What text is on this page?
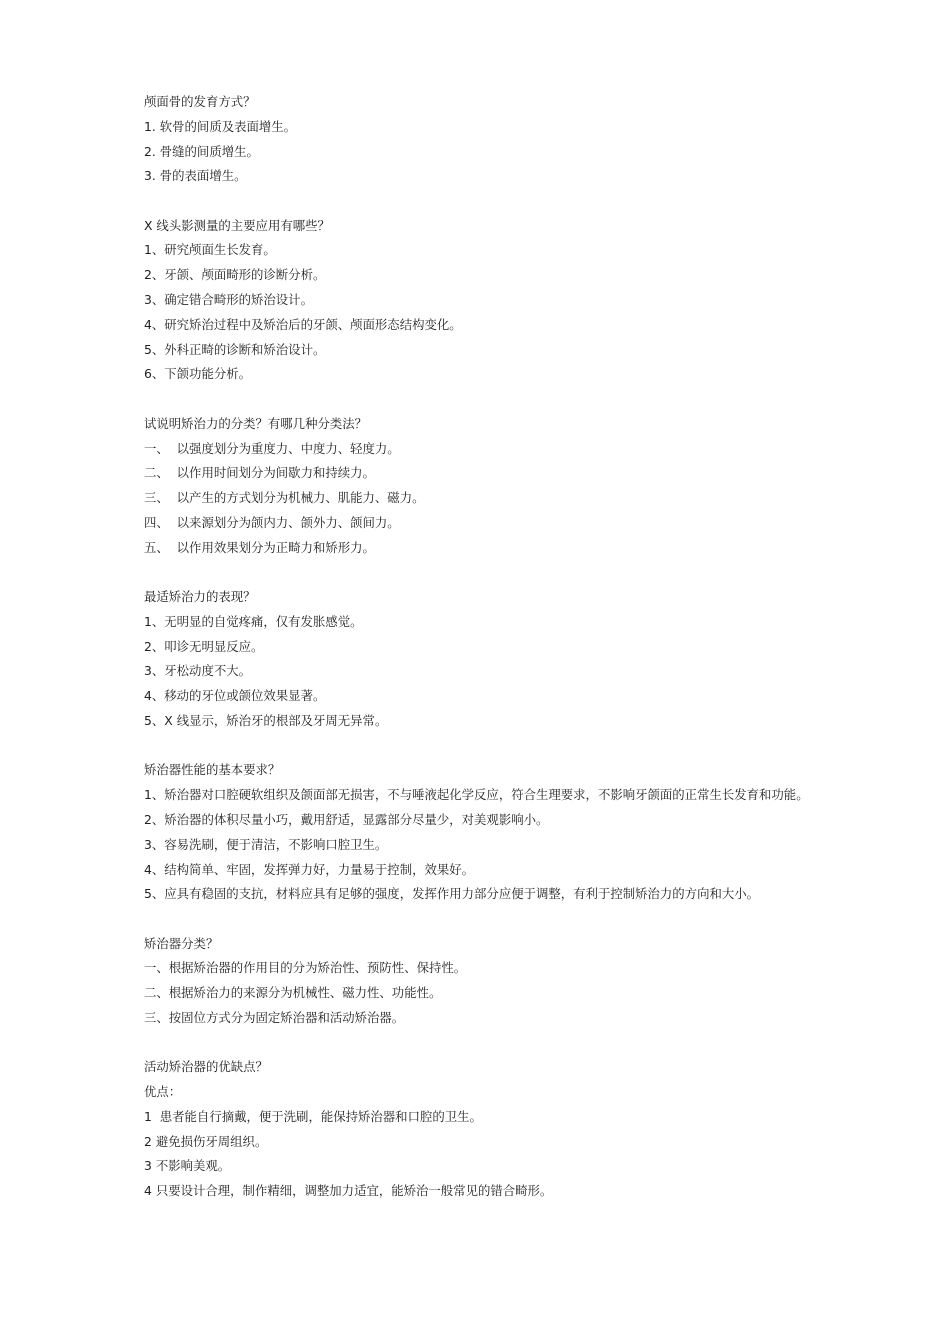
颅面骨的发育方式？

1. 软骨的间质及表面增生。

2. 骨缝的间质增生。

3. 骨的表面增生。

X 线头影测量的主要应用有哪些？

1、研究颅面生长发育。

2、牙颌、颅面畸形的诊断分析。

3、确定错合畸形的矫治设计。

4、研究矫治过程中及矫治后的牙颌、颅面形态结构变化。

5、外科正畸的诊断和矫治设计。

6、下颌功能分析。

试说明矫治力的分类？有哪几种分类法？

一、  以强度划分为重度力、中度力、轻度力。

二、  以作用时间划分为间歇力和持续力。

三、  以产生的方式划分为机械力、肌能力、磁力。

四、  以来源划分为颌内力、颌外力、颌间力。

五、  以作用效果划分为正畸力和矫形力。

最适矫治力的表现？

1、无明显的自觉疼痛，仅有发胀感觉。

2、叩诊无明显反应。

3、牙松动度不大。

4、移动的牙位或颌位效果显著。

5、X 线显示，矫治牙的根部及牙周无异常。

矫治器性能的基本要求？

1、矫治器对口腔硬软组织及颌面部无损害，不与唾液起化学反应，符合生理要求，不影响牙颌面的正常生长发育和功能。

2、矫治器的体积尽量小巧，戴用舒适，显露部分尽量少，对美观影响小。

3、容易洗刷，便于清洁，不影响口腔卫生。

4、结构简单、牢固，发挥弹力好，力量易于控制，效果好。

5、应具有稳固的支抗，材料应具有足够的强度，发挥作用力部分应便于调整，有利于控制矫治力的方向和大小。

矫治器分类？

一、根据矫治器的作用目的分为矫治性、预防性、保持性。

二、根据矫治力的来源分为机械性、磁力性、功能性。

三、按固位方式分为固定矫治器和活动矫治器。

活动矫治器的优缺点？

优点：

1  患者能自行摘戴，便于洗刷，能保持矫治器和口腔的卫生。

2 避免损伤牙周组织。

3 不影响美观。

4 只要设计合理，制作精细，调整加力适宜，能矫治一般常见的错合畸形。
